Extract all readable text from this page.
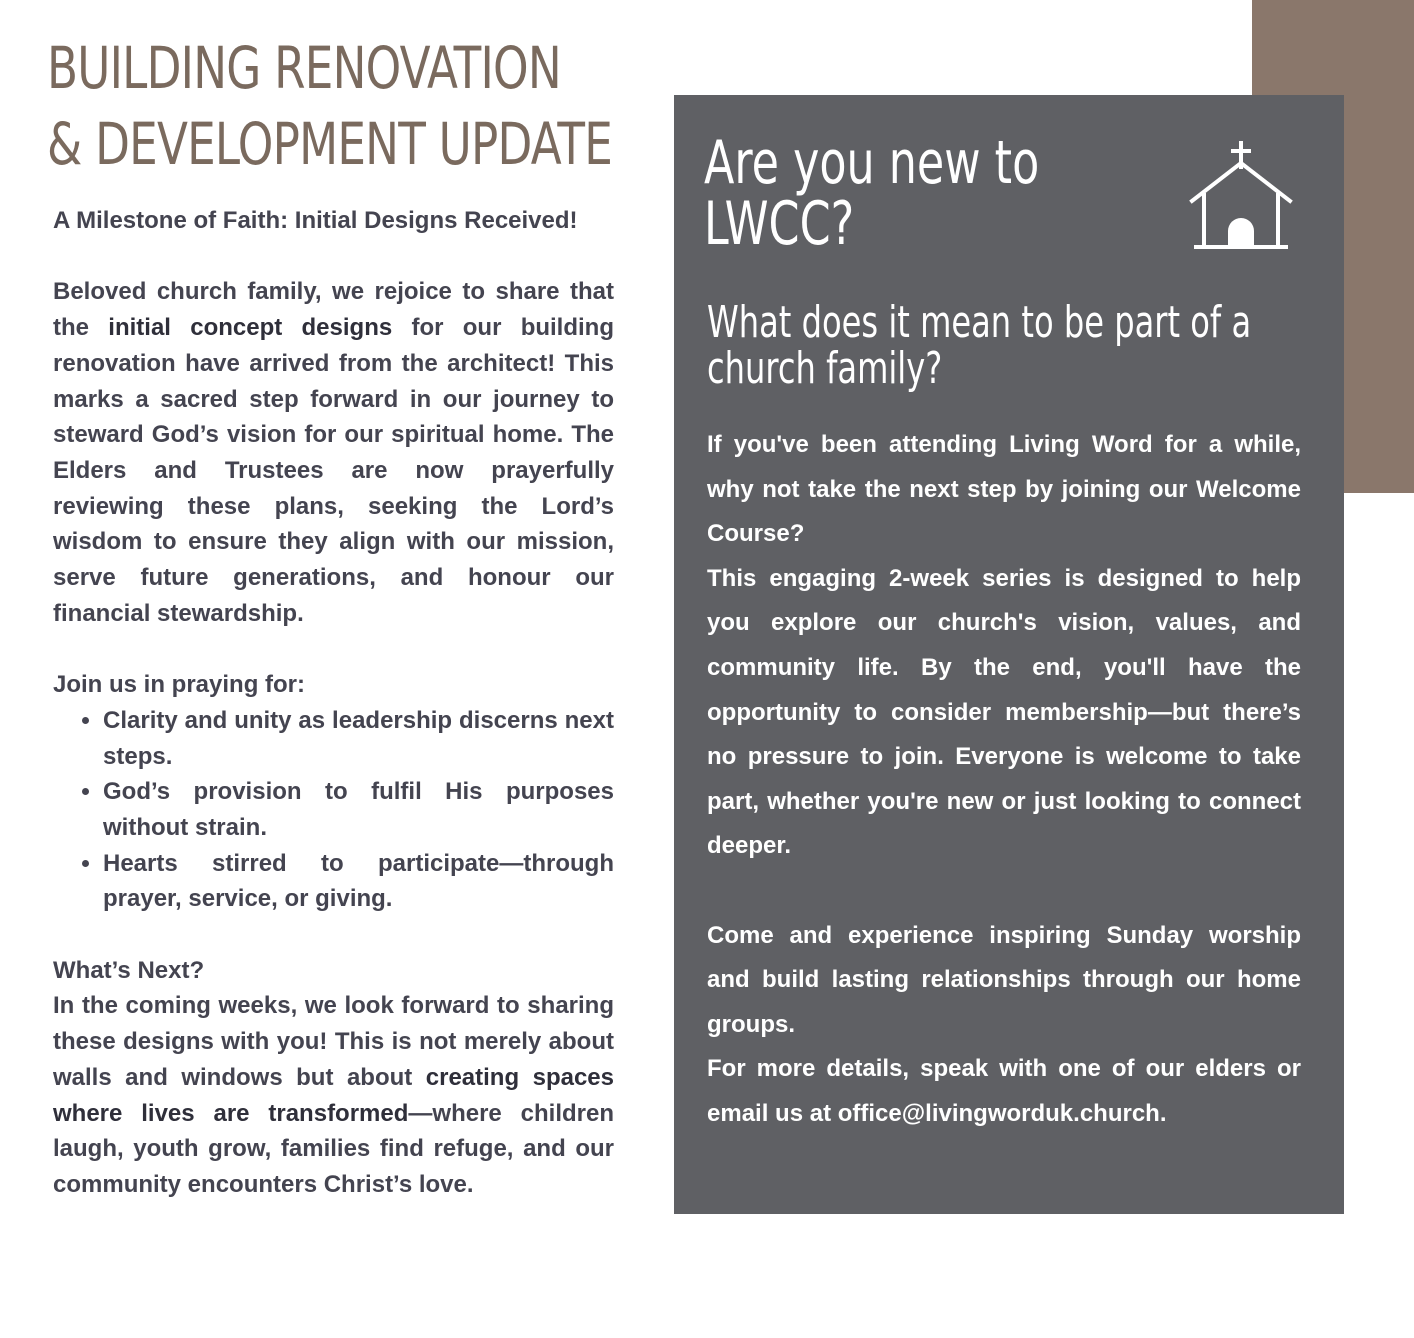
BUILDING RENOVATION
& DEVELOPMENT UPDATE

A Milestone of Faith: Initial Designs Received!

Beloved church family, we rejoice to share that the initial concept designs for our building renovation have arrived from the architect! This marks a sacred step forward in our journey to steward God’s vision for our spiritual home. The Elders and Trustees are now prayerfully reviewing these plans, seeking the Lord’s wisdom to ensure they align with our mission, serve future generations, and honour our financial stewardship.

Join us in praying for:

• Clarity and unity as leadership discerns next steps.
• God’s provision to fulfil His purposes without strain.
• Hearts stirred to participate—through prayer, service, or giving.

What’s Next?

In the coming weeks, we look forward to sharing these designs with you! This is not merely about walls and windows but about creating spaces where lives are transformed—where children laugh, youth grow, families find refuge, and our community encounters Christ’s love.

Are you new to LWCC?
What does it mean to be part of a church family?

If you've been attending Living Word for a while, why not take the next step by joining our Welcome Course?

This engaging 2-week series is designed to help you explore our church's vision, values, and community life. By the end, you'll have the opportunity to consider membership—but there’s no pressure to join. Everyone is welcome to take part, whether you're new or just looking to connect deeper.

Come and experience inspiring Sunday worship and build lasting relationships through our home groups.

For more details, speak with one of our elders or email us at office@livingworduk.church.
